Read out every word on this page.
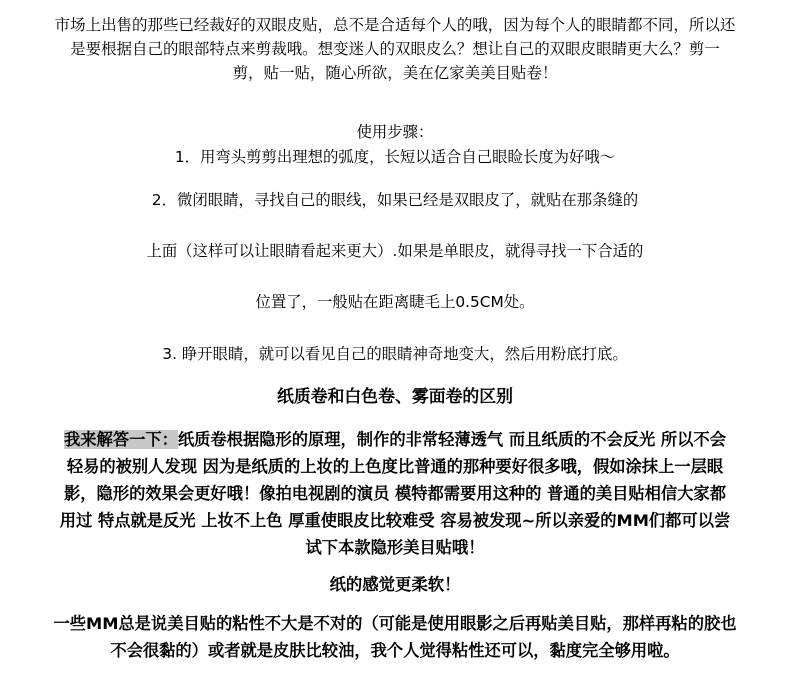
市场上出售的那些已经裁好的双眼皮贴，总不是合适每个人的哦，因为每个人的眼睛都不同，所以还
是要根据自己的眼部特点来剪裁哦。想变迷人的双眼皮么？想让自己的双眼皮眼睛更大么？剪一
剪，贴一贴，随心所欲，美在亿家美美目贴卷！

使用步骤：

1．用弯头剪剪出理想的弧度，长短以适合自己眼睑长度为好哦～

2．微闭眼睛，寻找自己的眼线，如果已经是双眼皮了，就贴在那条缝的

上面（这样可以让眼睛看起来更大）.如果是单眼皮，就得寻找一下合适的

位置了，一般贴在距离睫毛上0.5CM处。

3. 睁开眼睛，就可以看见自己的眼睛神奇地变大，然后用粉底打底。

纸质卷和白色卷、雾面卷的区别

我来解答一下：纸质卷根据隐形的原理，制作的非常轻薄透气 而且纸质的不会反光 所以不会
轻易的被别人发现 因为是纸质的上妆的上色度比普通的那种要好很多哦，假如涂抹上一层眼
影，隐形的效果会更好哦！像拍电视剧的演员 模特都需要用这种的 普通的美目贴相信大家都
用过 特点就是反光 上妆不上色 厚重使眼皮比较难受 容易被发现~所以亲爱的MM们都可以尝
试下本款隐形美目贴哦！

纸的感觉更柔软！

一些MM总是说美目贴的粘性不大是不对的（可能是使用眼影之后再贴美目贴，那样再粘的胶也
不会很黏的）或者就是皮肤比较油，我个人觉得粘性还可以，黏度完全够用啦。
